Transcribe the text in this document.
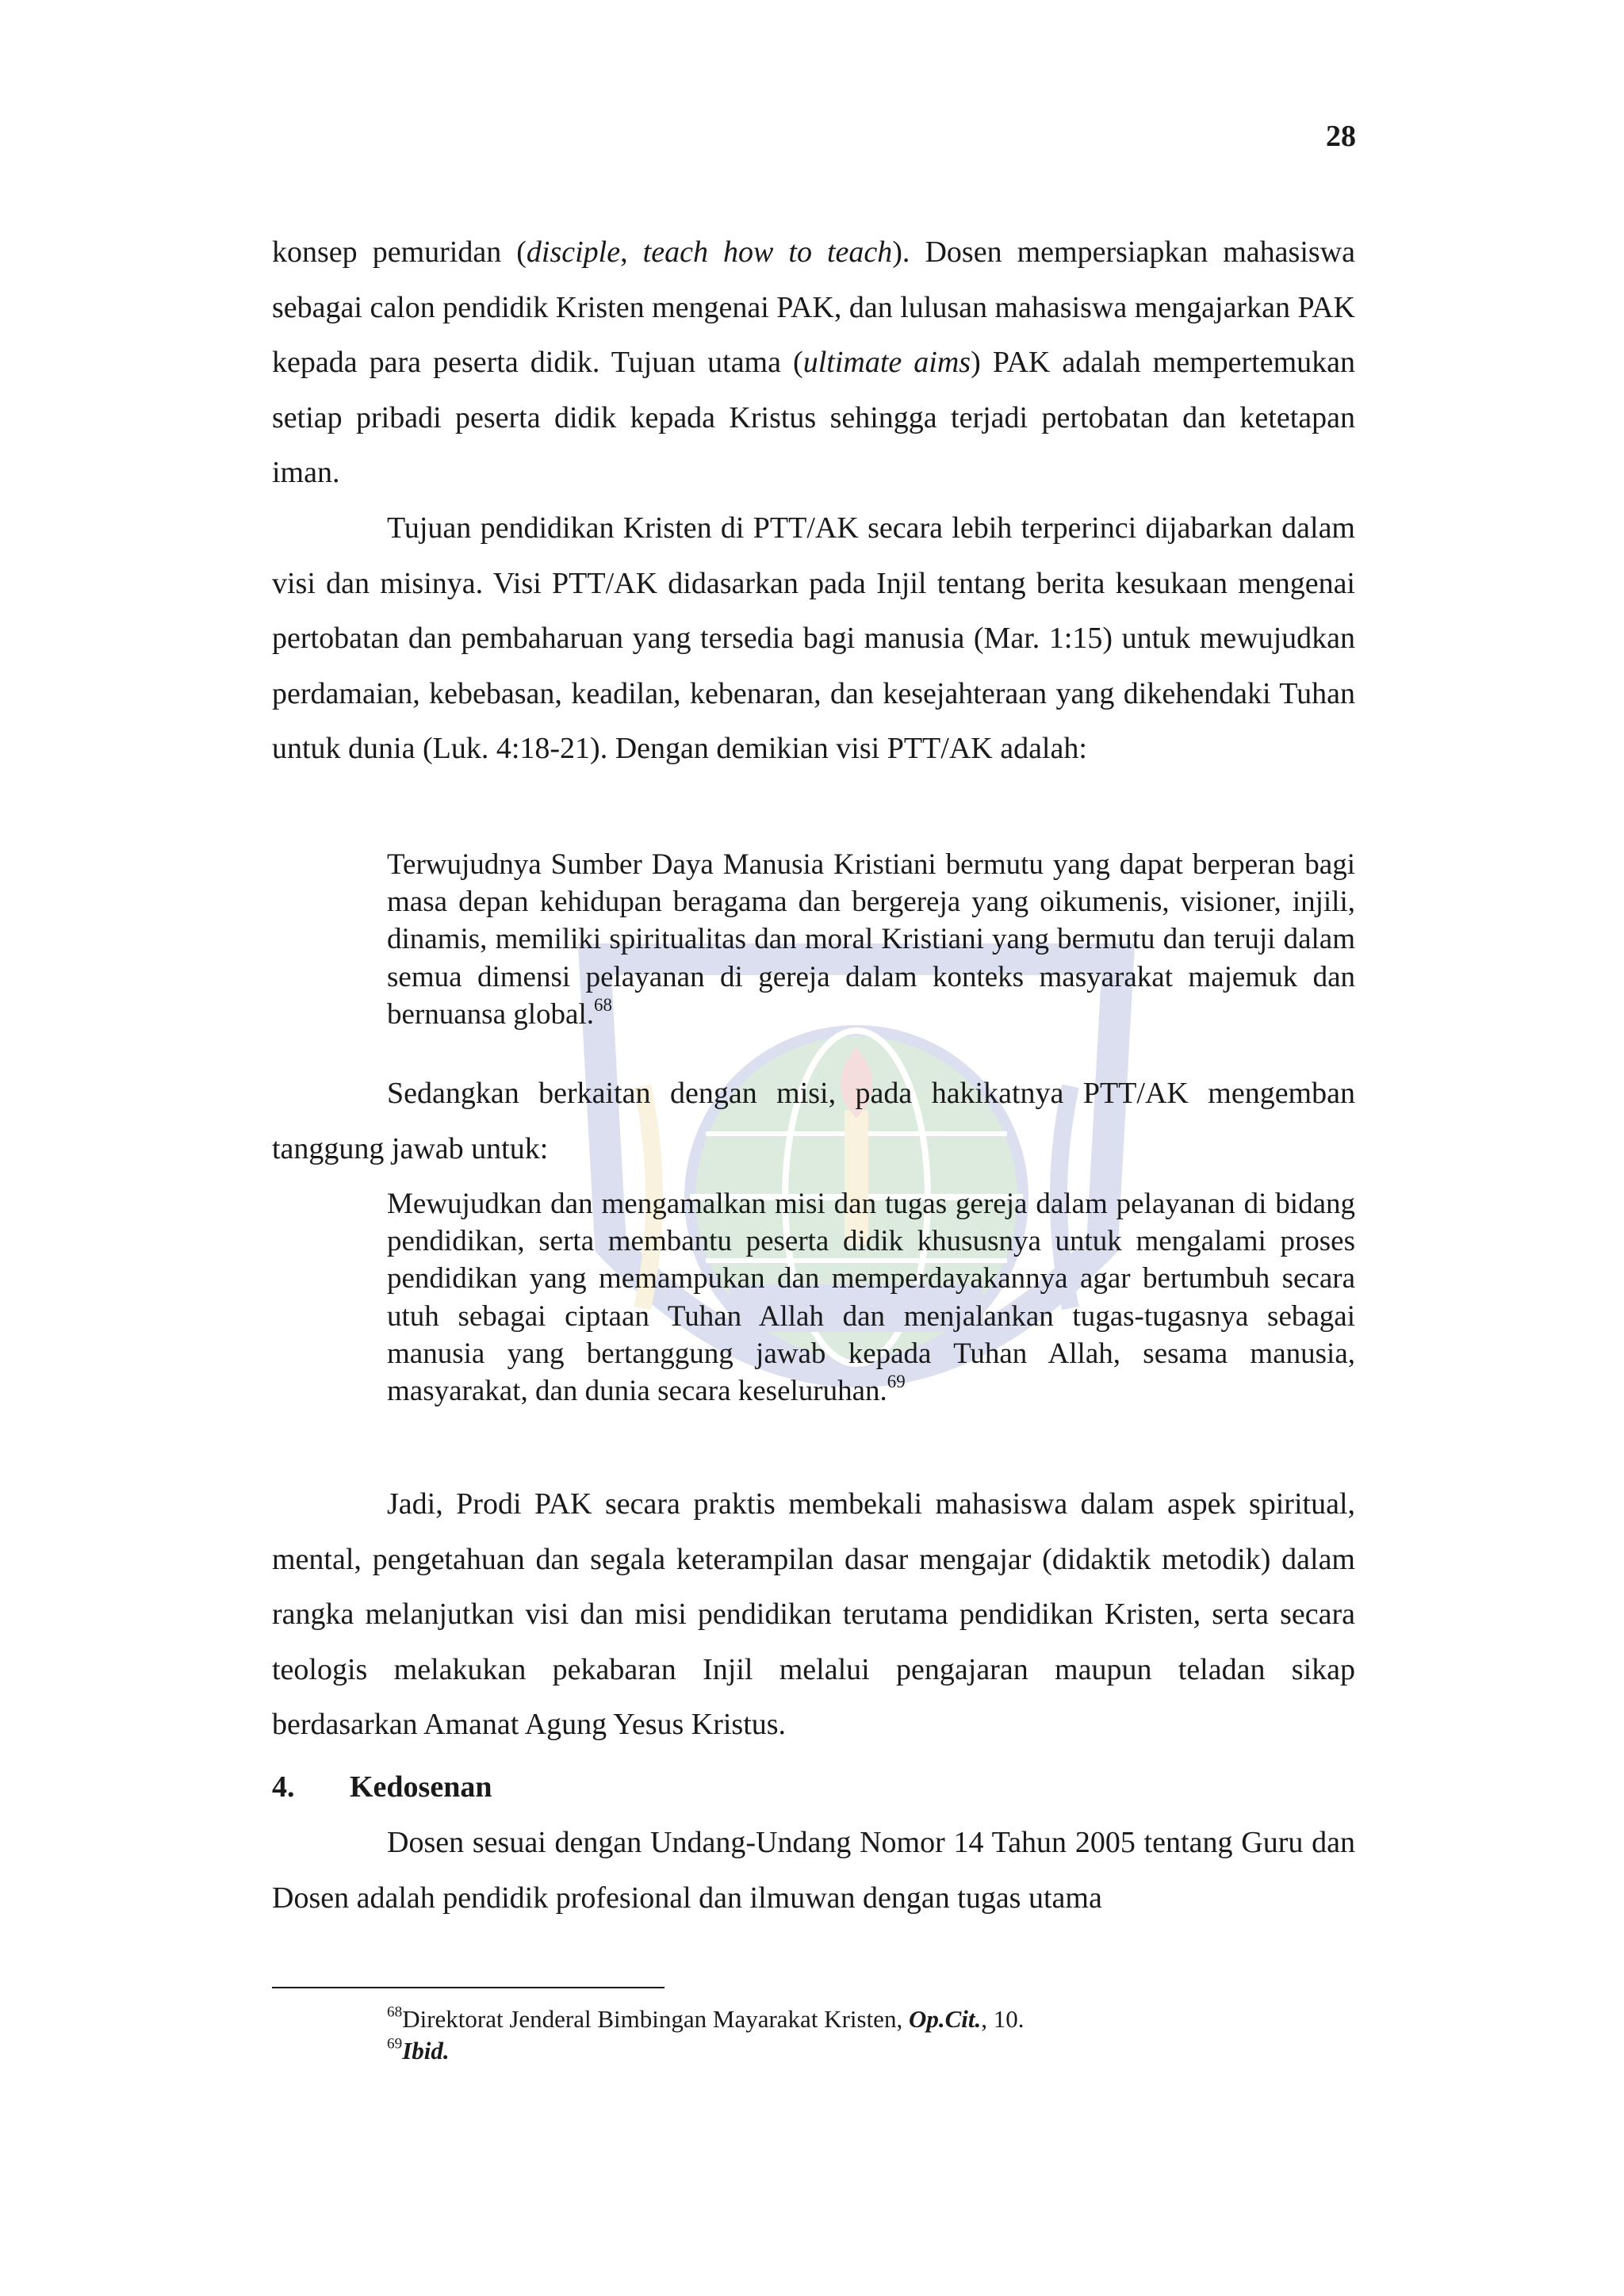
28

konsep pemuridan (disciple, teach how to teach). Dosen mempersiapkan mahasiswa sebagai calon pendidik Kristen mengenai PAK, dan lulusan mahasiswa mengajarkan PAK kepada para peserta didik. Tujuan utama (ultimate aims) PAK adalah mempertemukan setiap pribadi peserta didik kepada Kristus sehingga terjadi pertobatan dan ketetapan iman.

Tujuan pendidikan Kristen di PTT/AK secara lebih terperinci dijabarkan dalam visi dan misinya. Visi PTT/AK didasarkan pada Injil tentang berita kesukaan mengenai pertobatan dan pembaharuan yang tersedia bagi manusia (Mar. 1:15) untuk mewujudkan perdamaian, kebebasan, keadilan, kebenaran, dan kesejahteraan yang dikehendaki Tuhan untuk dunia (Luk. 4:18-21). Dengan demikian visi PTT/AK adalah:

Terwujudnya Sumber Daya Manusia Kristiani bermutu yang dapat berperan bagi masa depan kehidupan beragama dan bergereja yang oikumenis, visioner, injili, dinamis, memiliki spiritualitas dan moral Kristiani yang bermutu dan teruji dalam semua dimensi pelayanan di gereja dalam konteks masyarakat majemuk dan bernuansa global.$^{68}$

Sedangkan berkaitan dengan misi, pada hakikatnya PTT/AK mengemban tanggung jawab untuk:

Mewujudkan dan mengamalkan misi dan tugas gereja dalam pelayanan di bidang pendidikan, serta membantu peserta didik khususnya untuk mengalami proses pendidikan yang memampukan dan memperdayakannya agar bertumbuh secara utuh sebagai ciptaan Tuhan Allah dan menjalankan tugas-tugasnya sebagai manusia yang bertanggung jawab kepada Tuhan Allah, sesama manusia, masyarakat, dan dunia secara keseluruhan.$^{69}$

Jadi, Prodi PAK secara praktis membekali mahasiswa dalam aspek spiritual, mental, pengetahuan dan segala keterampilan dasar mengajar (didaktik metodik) dalam rangka melanjutkan visi dan misi pendidikan terutama pendidikan Kristen, serta secara teologis melakukan pekabaran Injil melalui pengajaran maupun teladan sikap berdasarkan Amanat Agung Yesus Kristus.

4. Kedosenan

Dosen sesuai dengan Undang-Undang Nomor 14 Tahun 2005 tentang Guru dan Dosen adalah pendidik profesional dan ilmuwan dengan tugas utama

$^{68}$Direktorat Jenderal Bimbingan Mayarakat Kristen, Op.Cit., 10.

$^{69}$Ibid.
